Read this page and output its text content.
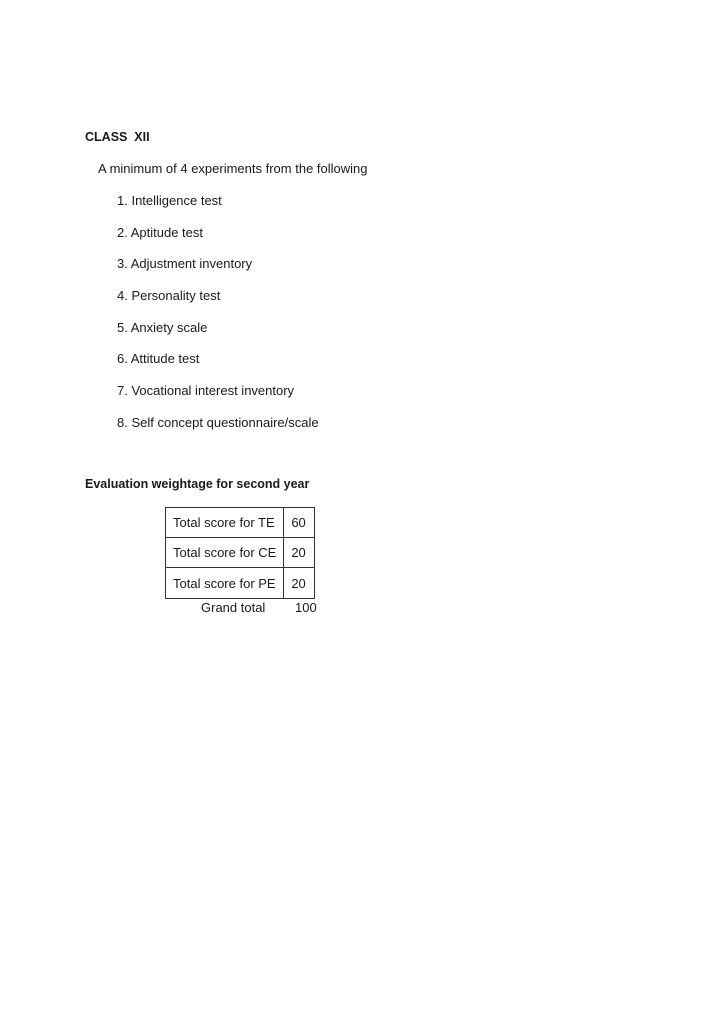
CLASS  XII
A minimum of 4 experiments from the following
1. Intelligence test
2. Aptitude test
3. Adjustment inventory
4. Personality test
5. Anxiety scale
6. Attitude test
7. Vocational interest inventory
8. Self concept questionnaire/scale
Evaluation weightage for second year
Total score for TE	60
Total score for CE	20
Total score for PE	20
Grand total 100
